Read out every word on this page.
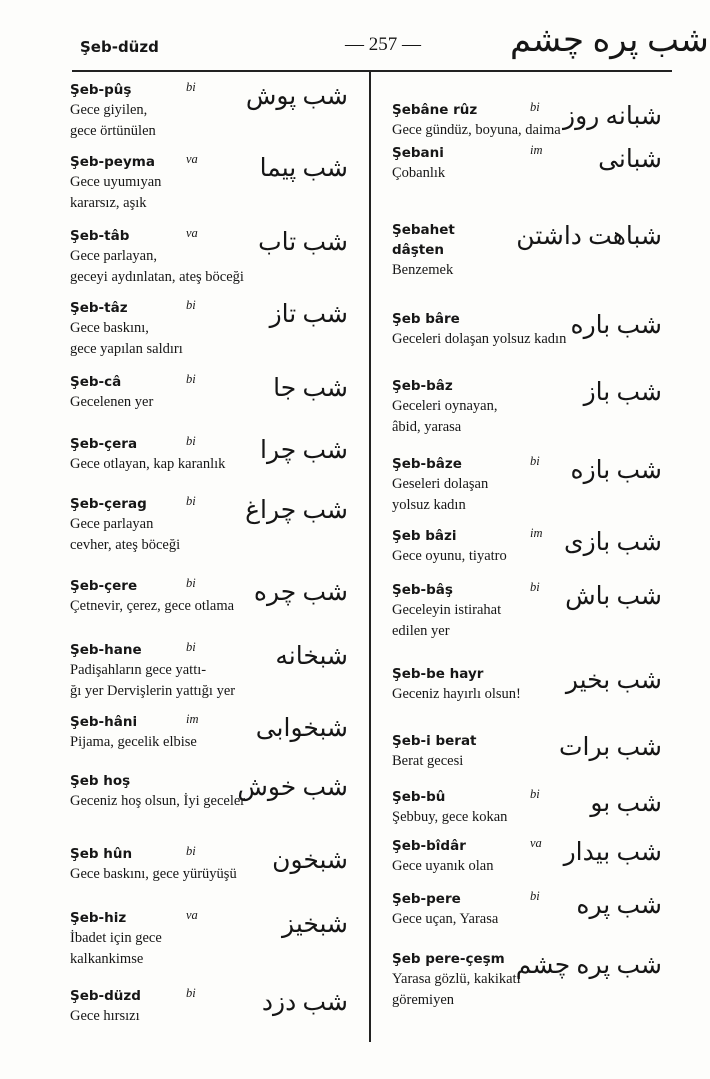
Şeb-düzd	— 257 —	شب پره چشم
Şeb-pûş	bi شب پوش
Gece giyilen,
gece örtünülen
Şeb-peyma	va شب پیما
Gece uyumıyan
kararsız, aşık
Şeb-tâb	va شب تاب
Gece parlayan,
geceyi aydınlatan, ateş böceği
Şeb-tâz	bi	شب تاز
Gece baskını,
gece yapılan saldırı
Şeb-câ	bi	شب جا
Gecelenen yer
Şeb-çera	bi	شب چرا
Gece otlayan, kap karanlık
Şeb-çerag	bi شب چراغ
Gece parlayan
cevher, ateş böceği
Şeb-çere	bi شب چره
Çetnevir, çerez, gece otlama
Şeb-hane	bi	شبخانه
Padişahların gece yattı-
ğı yer Dervişlerin yattığı yer
Şeb-hâni	im شبخوابی
Pijama, gecelik elbise
Şeb hoş	شب خوش
Geceniz hoş olsun, İyi geceler
Şeb hûn	bi	شبخون
Gece baskını, gece yürüyüşü
Şeb-hiz	va	شبخیز
İbadet için gece
kalkankimse
Şeb-düzd	bi	شب دزد
Gece hırsızı
Şebâne rûz	bi شبانه روز
Gece gündüz, boyuna, daima
Şebani	im شبانی
Çobanlık
Şebahet
dâşten	شباهت داشتن
Benzemek
Şeb bâre	شب باره
Geceleri dolaşan yolsuz kadın
Şeb-bâz	شب باز
Geceleri oynayan,
âbid, yarasa
Şeb-bâze	bi شب بازه
Geseleri dolaşan
yolsuz kadın
Şeb bâzi	im شب بازی
Gece oyunu, tiyatro
Şeb-bâş	bi شب باش
Geceleyin istirahat
edilen yer
Şeb-be hayr	شب بخیر
Geceniz hayırlı olsun!
Şeb-i berat	شب برات
Berat gecesi
Şeb-bû	bi شب بو
Şebbuy, gece kokan
Şeb-bîdâr	va شب بیدار
Gece uyanık olan
Şeb-pere	bi شب پره
Gece uçan, Yarasa
Şeb pere-çeşm شب پره چشم
Yarasa gözlü, kakikatı
göremiyen
